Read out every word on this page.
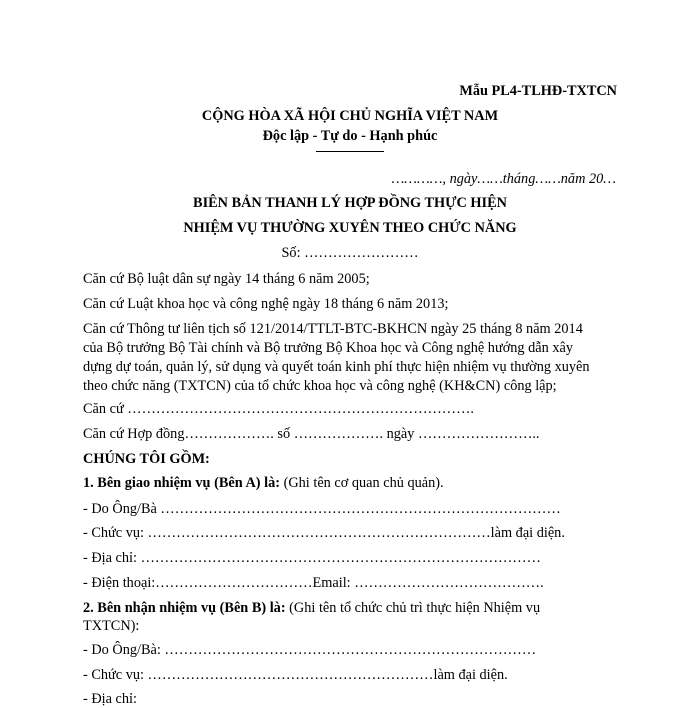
Mẫu PL4-TLHĐ-TXTCN
CỘNG HÒA XÃ HỘI CHỦ NGHĨA VIỆT NAM
Độc lập - Tự do - Hạnh phúc
…………, ngày……tháng……năm 20…
BIÊN BẢN THANH LÝ HỢP ĐỒNG THỰC HIỆN
NHIỆM VỤ THƯỜNG XUYÊN THEO CHỨC NĂNG
Số: ……………………
Căn cứ Bộ luật dân sự ngày 14 tháng 6 năm 2005;
Căn cứ Luật khoa học và công nghệ ngày 18 tháng 6 năm 2013;
Căn cứ Thông tư liên tịch số 121/2014/TTLT-BTC-BKHCN ngày 25 tháng 8 năm 2014
của Bộ trưởng Bộ Tài chính và Bộ trưởng Bộ Khoa học và Công nghệ hướng dẫn xây
dựng dự toán, quản lý, sử dụng và quyết toán kinh phí thực hiện nhiệm vụ thường xuyên
theo chức năng (TXTCN) của tổ chức khoa học và công nghệ (KH&CN) công lập;
Căn cứ ……………………………………………………………….
Căn cứ Hợp đồng………………. số ………………. ngày ……………………..
CHÚNG TÔI GỒM:
1. Bên giao nhiệm vụ (Bên A) là: (Ghi tên cơ quan chủ quản).
- Do Ông/Bà …………………………………………………………………………
- Chức vụ: ………………………………………………………………làm đại diện.
- Địa chỉ: …………………………………………………………………………
- Điện thoại:……………………………Email: ………………………………….
2. Bên nhận nhiệm vụ (Bên B) là: (Ghi tên tổ chức chủ trì thực hiện Nhiệm vụ
TXTCN):
- Do Ông/Bà: ……………………………………………………………………
- Chức vụ: ……………………………………………………làm đại diện.
- Địa chỉ:
